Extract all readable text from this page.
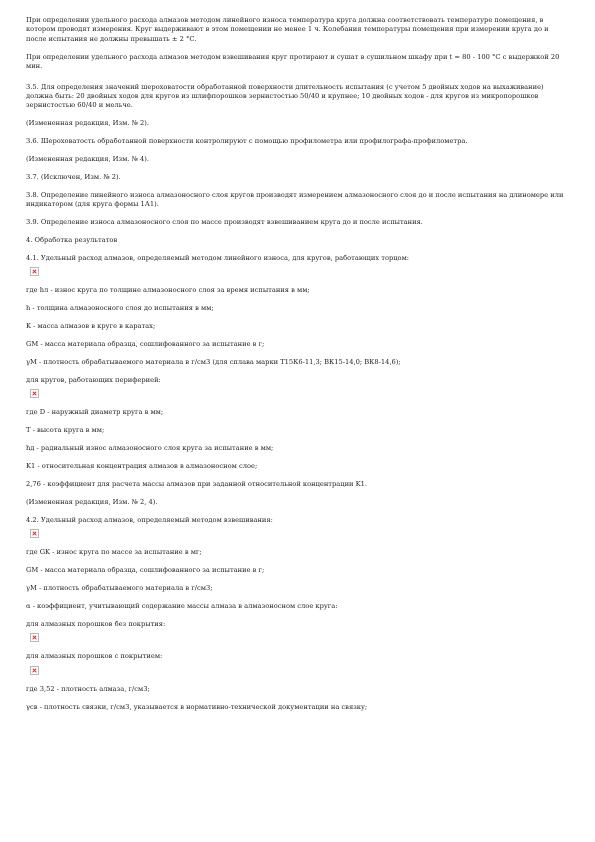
При определении удельного расхода алмазов методом линейного износа температура круга должна соответствовать температуре помещения, в котором проводят измерения. Круг выдерживают в этом помещении не менее 1 ч. Колебания температуры помещения при измерении круга до и после испытания не должны превышать ± 2 °С.

При определении удельного расхода алмазов методом взвешивания круг протирают и сушат в сушильном шкафу при t = 80 - 100 °С с выдержкой 20 мин.

3.5. Для определения значений шероховатости обработанной поверхности длительность испытания (с учетом 5 двойных ходов на выхаживание) должна быть: 20 двойных ходов для кругов из шлифпорошков зернистостью 50/40 и крупнее; 10 двойных ходов - для кругов из микропорошков зернистостью 60/40 и мельче.

(Измененная редакция, Изм. № 2).

3.6. Шероховатость обработанной поверхности контролируют с помощью профилометра или профилографа-профилометра.

(Измененная редакция, Изм. № 4).

3.7. (Исключен, Изм. № 2).

3.8. Определение линейного износа алмазоносного слоя кругов производят измерением алмазоносного слоя до и после испытания на длиномере или индикатором (для круга формы 1А1).

3.9. Определение износа алмазоносного слоя по массе производят взвешиванием круга до и после испытания.

4. Обработка результатов

4.1. Удельный расход алмазов, определяемый методом линейного износа, для кругов, работающих торцом:

где hл - износ круга по толщине алмазоносного слоя за время испытания в мм;

h - толщина алмазоносного слоя до испытания в мм;

K - масса алмазов в круге в каратах;

GM - масса материала образца, сошлифованного за испытание в г;

γM - плотность обрабатываемого материала в г/см3 (для сплава марки Т15К6-11,3; ВК15-14,0; ВК8-14,6);

для кругов, работающих периферией:

где D - наружный диаметр круга в мм;

T - высота круга в мм;

hд - радиальный износ алмазоносного слоя круга за испытание в мм;

K1 - относительная концентрация алмазов в алмазоносном слое;

2,76 - коэффициент для расчета массы алмазов при заданной относительной концентрации K1.

(Измененная редакция, Изм. № 2, 4).

4.2. Удельный расход алмазов, определяемый методом взвешивания:

где GK - износ круга по массе за испытание в мг;

GM - масса материала образца, сошлифованного за испытание в г;

γM - плотность обрабатываемого материала в г/см3;

α - коэффициент, учитывающий содержание массы алмаза в алмазоносном слое круга:

для алмазных порошков без покрытия:

для алмазных порошков с покрытием:

где 3,52 - плотность алмаза, г/см3;

γсв - плотность связки, г/см3, указывается в нормативно-технической документации на связку;
